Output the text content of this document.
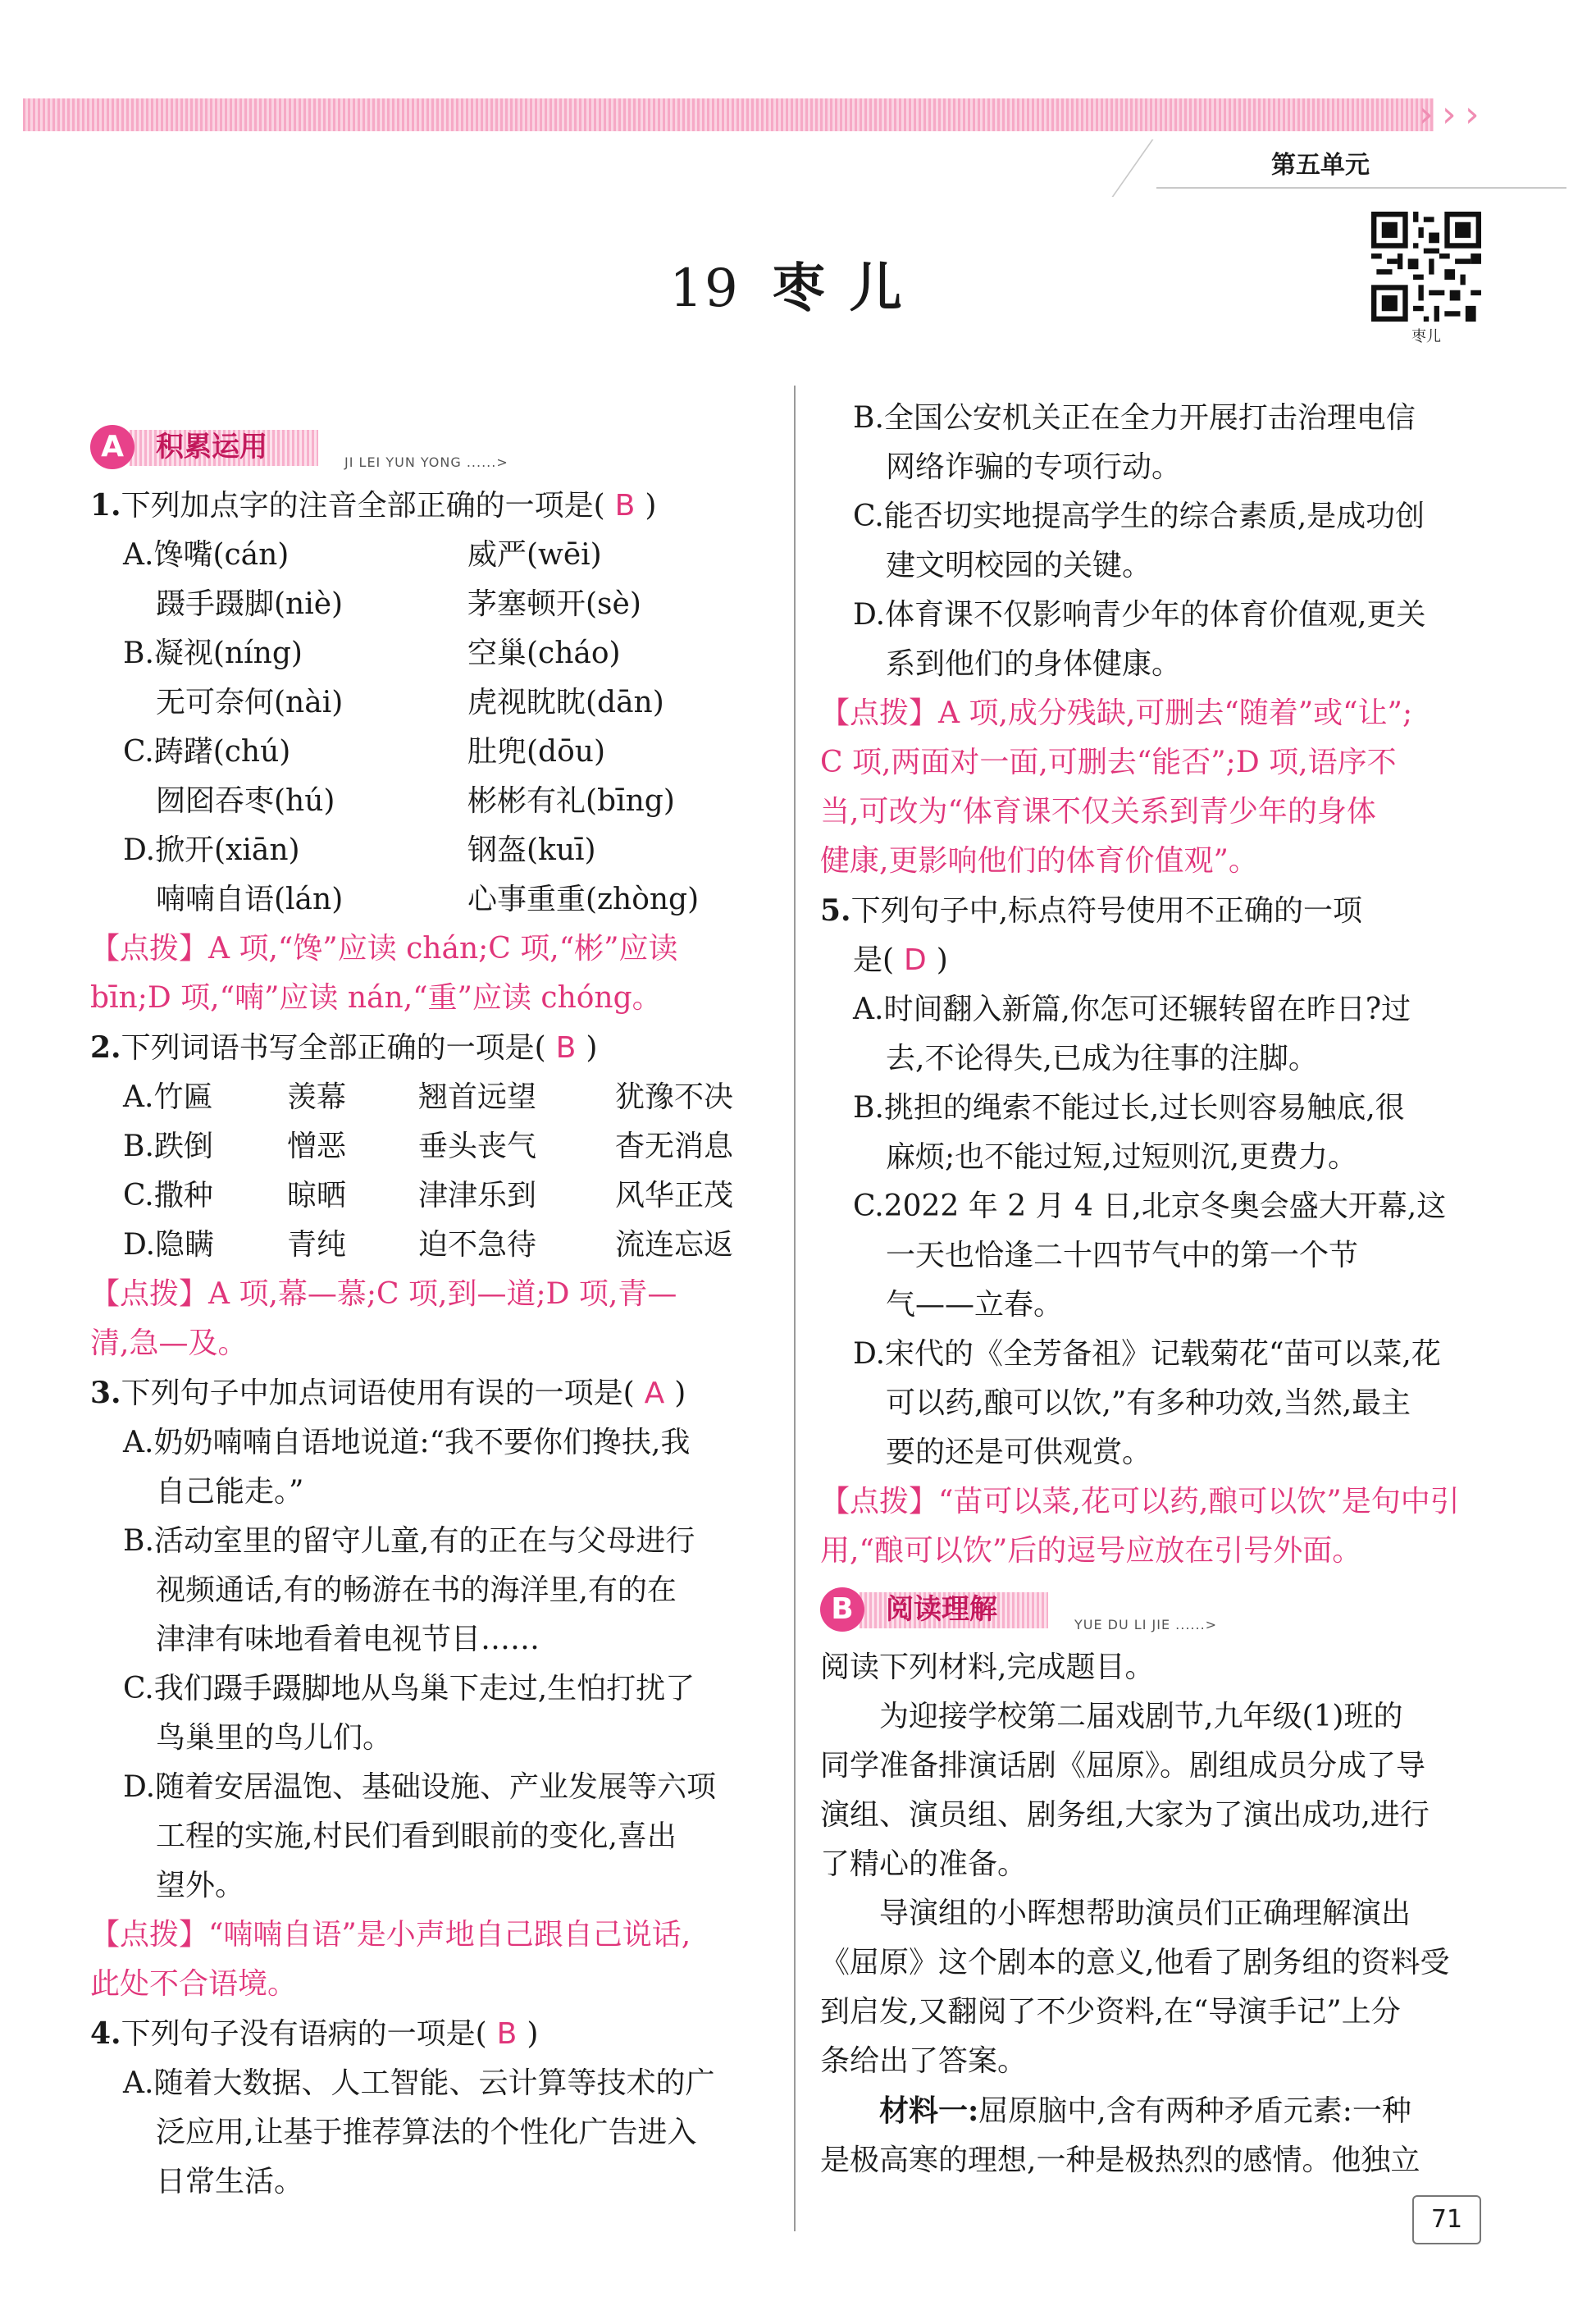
› › ›
第五单元
19 枣儿
枣儿
A	积累运用	JI LEI YUN YONG ......>
1.下列加点字的注音全部正确的一项是( B )
A.馋嘴(cán)	威严(wēi)
蹑手蹑脚(niè)	茅塞顿开(sè)
B.凝视(níng)	空巢(cháo)
无可奈何(nài)	虎视眈眈(dān)
C.踌躇(chú)	肚兜(dōu)
囫囵吞枣(hú)	彬彬有礼(bīng)
D.掀开(xiān)	钢盔(kuī)
喃喃自语(lán)	心事重重(zhòng)
【点拨】A 项,“馋”应读 chán;C 项,“彬”应读
bīn;D 项,“喃”应读 nán,“重”应读 chóng。
2.下列词语书写全部正确的一项是( B )
A.竹匾	羡幕	翘首远望	犹豫不决
B.跌倒	憎恶	垂头丧气	杳无消息
C.撒种	晾晒	津津乐到	风华正茂
D.隐瞒	青纯	迫不急待	流连忘返
【点拨】A 项,幕—慕;C 项,到—道;D 项,青—
清,急—及。
3.下列句子中加点词语使用有误的一项是( A )
A.奶奶喃喃自语地说道:“我不要你们搀扶,我
自己能走。”
B.活动室里的留守儿童,有的正在与父母进行
视频通话,有的畅游在书的海洋里,有的在
津津有味地看着电视节目……
C.我们蹑手蹑脚地从鸟巢下走过,生怕打扰了
鸟巢里的鸟儿们。
D.随着安居温饱、基础设施、产业发展等六项
工程的实施,村民们看到眼前的变化,喜出
望外。
【点拨】“喃喃自语”是小声地自己跟自己说话,
此处不合语境。
4.下列句子没有语病的一项是( B )
A.随着大数据、人工智能、云计算等技术的广
泛应用,让基于推荐算法的个性化广告进入
日常生活。
B.全国公安机关正在全力开展打击治理电信
网络诈骗的专项行动。
C.能否切实地提高学生的综合素质,是成功创
建文明校园的关键。
D.体育课不仅影响青少年的体育价值观,更关
系到他们的身体健康。
【点拨】A 项,成分残缺,可删去“随着”或“让”;
C 项,两面对一面,可删去“能否”;D 项,语序不
当,可改为“体育课不仅关系到青少年的身体
健康,更影响他们的体育价值观”。
5.下列句子中,标点符号使用不正确的一项
是( D )
A.时间翻入新篇,你怎可还辗转留在昨日?过
去,不论得失,已成为往事的注脚。
B.挑担的绳索不能过长,过长则容易触底,很
麻烦;也不能过短,过短则沉,更费力。
C.2022 年 2 月 4 日,北京冬奥会盛大开幕,这
一天也恰逢二十四节气中的第一个节
气——立春。
D.宋代的《全芳备祖》记载菊花“苗可以菜,花
可以药,酿可以饮,”有多种功效,当然,最主
要的还是可供观赏。
【点拨】“苗可以菜,花可以药,酿可以饮”是句中引
用,“酿可以饮”后的逗号应放在引号外面。
B	阅读理解	YUE DU LI JIE ......>
阅读下列材料,完成题目。
为迎接学校第二届戏剧节,九年级(1)班的
同学准备排演话剧《屈原》。剧组成员分成了导
演组、演员组、剧务组,大家为了演出成功,进行
了精心的准备。
导演组的小晖想帮助演员们正确理解演出
《屈原》这个剧本的意义,他看了剧务组的资料受
到启发,又翻阅了不少资料,在“导演手记”上分
条给出了答案。
材料一:屈原脑中,含有两种矛盾元素:一种
是极高寒的理想,一种是极热烈的感情。他独立
71
